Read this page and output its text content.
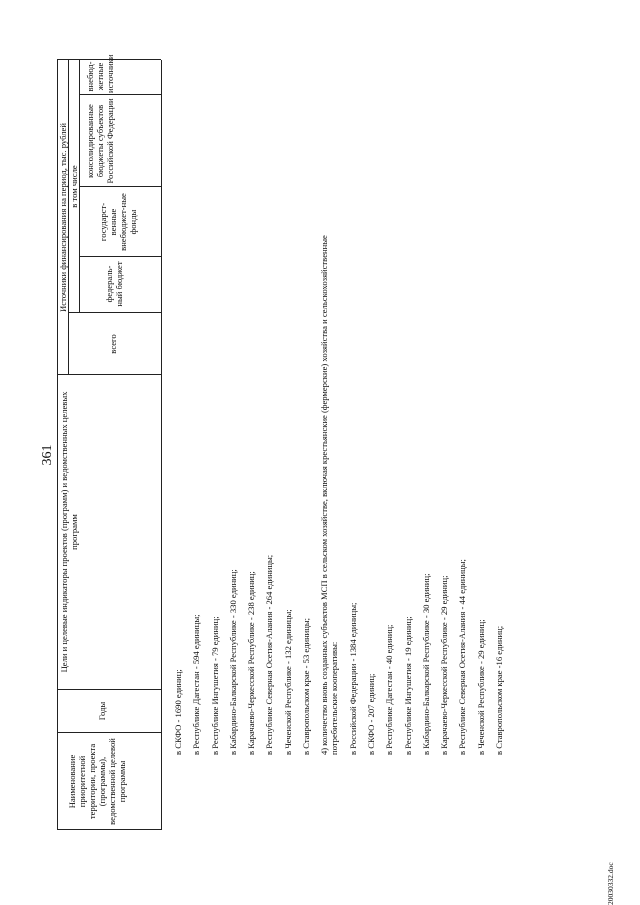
361
Наименование приоритетной территории, проекта (программы), ведомственной целевой программы
Годы
Цели и целевые индикаторы проектов (программ) и ведомственных целевых программ
Источники финансирования на период, тыс. рублей
всего
в том числе
федераль-ный бюджет
государст-венные внебюджет-ные фонды
консолидированные бюджеты субъектов Российской Федерации
внебюд-жетные источники
в СКФО - 1690 единиц; в Республике Дагестан - 594 единицы; в Республике Ингушетия - 79 единиц; в Кабардино-Балкарской Республике - 330 единиц; в Карачаево-Черкесской Республике - 238 единиц; в Республике Северная Осетия-Алания - 264 единицы; в Чеченской Республике - 132 единицы; в Ставропольском крае - 53 единицы; 4) количество вновь созданных субъектов МСП в сельском хозяйстве, включая крестьянские (фермерские) хозяйства и сельскохозяйственные потребительские кооперативы: в Российской Федерации - 1384 единицы; в СКФО - 207 единиц; в Республике Дагестан - 40 единиц; в Республике Ингушетия - 19 единиц; в Кабардино-Балкарской Республике - 30 единиц; в Карачаево-Черкесской Республике - 29 единиц; в Республике Северная Осетия-Алания - 44 единицы; в Чеченской Республике - 29 единиц; в Ставропольском крае -16 единиц;
20030332.doc
